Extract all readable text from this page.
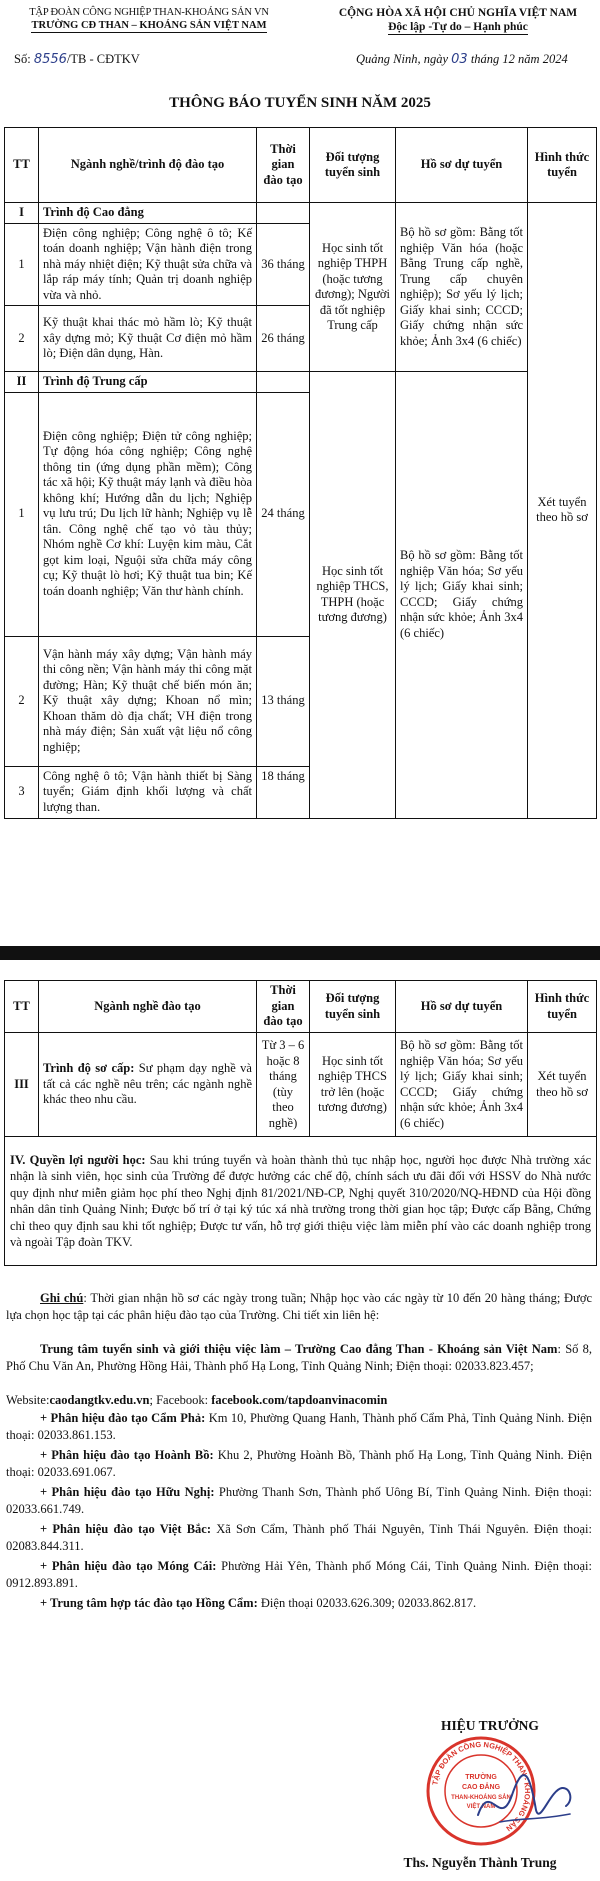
TẬP ĐOÀN CÔNG NGHIỆP THAN-KHOÁNG SẢN VN
TRƯỜNG CĐ THAN – KHOÁNG SẢN VIỆT NAM
CỘNG HÒA XÃ HỘI CHỦ NGHĨA VIỆT NAM
Độc lập -Tự do – Hạnh phúc
Số: 8556/TB - CĐTKV	Quảng Ninh, ngày 03 tháng 12 năm 2024
THÔNG BÁO TUYỂN SINH NĂM 2025
TT	Ngành nghề/trình độ đào tạo	Thời gian đào tạo	Đối tượng tuyển sinh	Hồ sơ dự tuyển	Hình thức tuyển
I	Trình độ Cao đẳng		Học sinh tốt nghiệp THPH (hoặc tương đương); Người đã tốt nghiệp Trung cấp	Bộ hồ sơ gồm: Bằng tốt nghiệp Văn hóa (hoặc Bằng Trung cấp nghề, Trung cấp chuyên nghiệp); Sơ yếu lý lịch; Giấy khai sinh; CCCD; Giấy chứng nhận sức khỏe; Ảnh 3x4 (6 chiếc)	Xét tuyển theo hồ sơ
1	Điện công nghiệp; Công nghệ ô tô; Kế toán doanh nghiệp; Vận hành điện trong nhà máy nhiệt điện; Kỹ thuật sửa chữa và lắp ráp máy tính; Quản trị doanh nghiệp vừa và nhỏ.	36 tháng			
2	Kỹ thuật khai thác mỏ hầm lò; Kỹ thuật xây dựng mỏ; Kỹ thuật Cơ điện mỏ hầm lò; Điện dân dụng, Hàn.	26 tháng			
II	Trình độ Trung cấp		Học sinh tốt nghiệp THCS, THPH (hoặc tương đương)	Bộ hồ sơ gồm: Bằng tốt nghiệp Văn hóa; Sơ yếu lý lịch; Giấy khai sinh; CCCD; Giấy chứng nhận sức khỏe; Ảnh 3x4 (6 chiếc)	
1	Điện công nghiệp; Điện tử công nghiệp; Tự động hóa công nghiệp; Công nghệ thông tin (ứng dụng phần mềm); Công tác xã hội; Kỹ thuật máy lạnh và điều hòa không khí; Hướng dẫn du lịch; Nghiệp vụ lưu trú; Du lịch lữ hành; Nghiệp vụ lễ tân. Công nghệ chế tạo vỏ tàu thủy; Nhóm nghề Cơ khí: Luyện kim màu, Cắt gọt kim loại, Nguội sửa chữa máy công cụ; Kỹ thuật lò hơi; Kỹ thuật tua bin; Kế toán doanh nghiệp; Văn thư hành chính.	24 tháng			
2	Vận hành máy xây dựng; Vận hành máy thi công nền; Vận hành máy thi công mặt đường; Hàn; Kỹ thuật chế biến món ăn; Kỹ thuật xây dựng; Khoan nổ mìn; Khoan thăm dò địa chất; VH điện trong nhà máy điện; Sản xuất vật liệu nổ công nghiệp;	13 tháng			
3	Công nghệ ô tô; Vận hành thiết bị Sàng tuyển; Giám định khối lượng và chất lượng than.	18 tháng			
TT	Ngành nghề đào tạo	Thời gian đào tạo	Đối tượng tuyển sinh	Hồ sơ dự tuyển	Hình thức tuyển
III	Trình độ sơ cấp: Sư phạm dạy nghề và tất cả các nghề nêu trên; các ngành nghề khác theo nhu cầu.	Từ 3 – 6 hoặc 8 tháng (tùy theo nghề)	Học sinh tốt nghiệp THCS trở lên (hoặc tương đương)	Bộ hồ sơ gồm: Bằng tốt nghiệp Văn hóa; Sơ yếu lý lịch; Giấy khai sinh; CCCD; Giấy chứng nhận sức khỏe; Ảnh 3x4 (6 chiếc)	Xét tuyển theo hồ sơ
IV. Quyền lợi người học: Sau khi trúng tuyển và hoàn thành thủ tục nhập học, người học được Nhà trường xác nhận là sinh viên, học sinh của Trường để được hưởng các chế độ, chính sách ưu đãi đối với HSSV do Nhà nước quy định như miễn giảm học phí theo Nghị định 81/2021/NĐ-CP, Nghị quyết 310/2020/NQ-HĐND của Hội đồng nhân dân tỉnh Quảng Ninh; Được bố trí ở tại ký túc xá nhà trường trong thời gian học tập; Được cấp Bằng, Chứng chỉ theo quy định sau khi tốt nghiệp; Được tư vấn, hỗ trợ giới thiệu việc làm miễn phí vào các doanh nghiệp trong và ngoài Tập đoàn TKV.					
Ghi chú: Thời gian nhận hồ sơ các ngày trong tuần; Nhập học vào các ngày từ 10 đến 20 hàng tháng; Được lựa chọn học tập tại các phân hiệu đào tạo của Trường. Chi tiết xin liên hệ:
Trung tâm tuyển sinh và giới thiệu việc làm – Trường Cao đẳng Than - Khoáng sản Việt Nam: Số 8, Phố Chu Văn An, Phường Hồng Hải, Thành phố Hạ Long, Tỉnh Quảng Ninh; Điện thoại: 02033.823.457;
Website:caodangtkv.edu.vn; Facebook: facebook.com/tapdoanvinacomin
+ Phân hiệu đào tạo Cẩm Phả: Km 10, Phường Quang Hanh, Thành phố Cẩm Phả, Tỉnh Quảng Ninh. Điện thoại: 02033.861.153.
+ Phân hiệu đào tạo Hoành Bồ: Khu 2, Phường Hoành Bồ, Thành phố Hạ Long, Tỉnh Quảng Ninh. Điện thoại: 02033.691.067.
+ Phân hiệu đào tạo Hữu Nghị: Phường Thanh Sơn, Thành phố Uông Bí, Tỉnh Quảng Ninh. Điện thoại: 02033.661.749.
+ Phân hiệu đào tạo Việt Bắc: Xã Sơn Cẩm, Thành phố Thái Nguyên, Tỉnh Thái Nguyên. Điện thoại: 02083.844.311.
+ Phân hiệu đào tạo Móng Cái: Phường Hải Yên, Thành phố Móng Cái, Tỉnh Quảng Ninh. Điện thoại: 0912.893.891.
+ Trung tâm hợp tác đào tạo Hồng Cẩm: Điện thoại 02033.626.309; 02033.862.817.
HIỆU TRƯỞNG
TẬP ĐOÀN CÔNG NGHIỆP THAN - KHOÁNG SẢN
TRƯỜNG
CAO ĐẲNG
THAN-KHOÁNG SẢN
VIỆT NAM
Ths. Nguyễn Thành Trung
